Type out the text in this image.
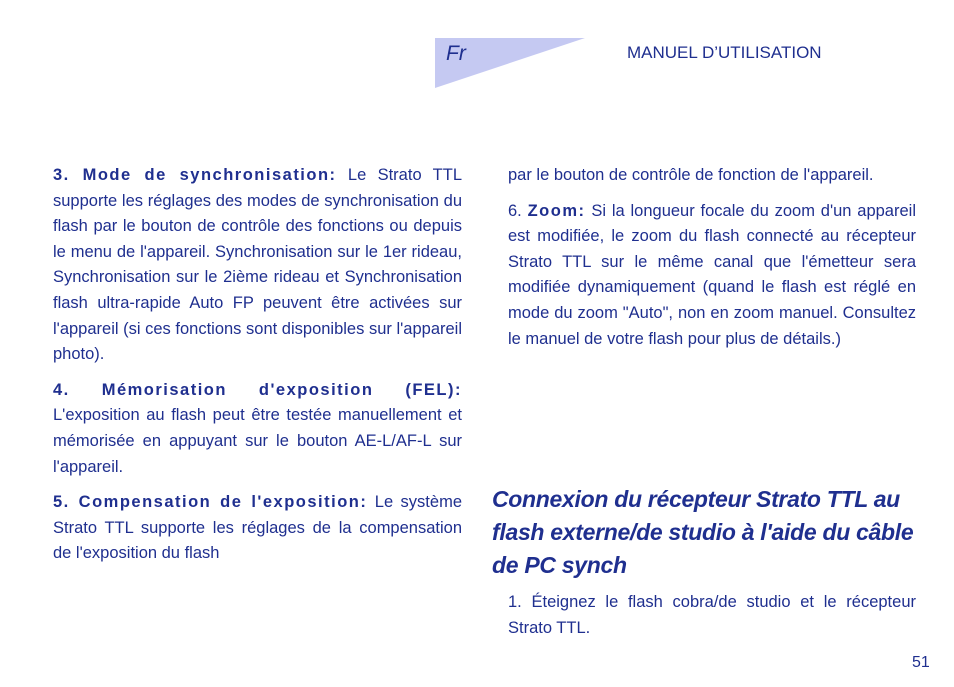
Fr	MANUEL D’UTILISATION

3. Mode de synchronisation: Le Strato TTL supporte les réglages des modes de synchronisation du flash par le bouton de contrôle des fonctions ou depuis le menu de l'appareil. Synchronisation sur le 1er rideau, Synchronisation sur le 2ième rideau et Synchronisation flash ultra-rapide Auto FP peuvent être activées sur l'appareil (si ces fonctions sont disponibles sur l'appareil photo).

4. Mémorisation d'exposition (FEL): L'exposition au flash peut être testée manuellement et mémorisée en appuyant sur le bouton AE-L/AF-L sur l'appareil.

5. Compensation de l'exposition: Le système Strato TTL supporte les réglages de la compensation de l'exposition du flash

par le bouton de contrôle de fonction de l'appareil.

6. Zoom: Si la longueur focale du zoom d'un appareil est modifiée, le zoom du flash connecté au récepteur Strato TTL sur le même canal que l'émetteur sera modifiée dynamiquement (quand le flash est réglé en mode du zoom "Auto", non en zoom manuel. Consultez le manuel de votre flash pour plus de détails.)

Connexion du récepteur Strato TTL au flash externe/de studio à l'aide du câble de PC synch
1. Éteignez le flash cobra/de studio et le récepteur Strato TTL.
51
